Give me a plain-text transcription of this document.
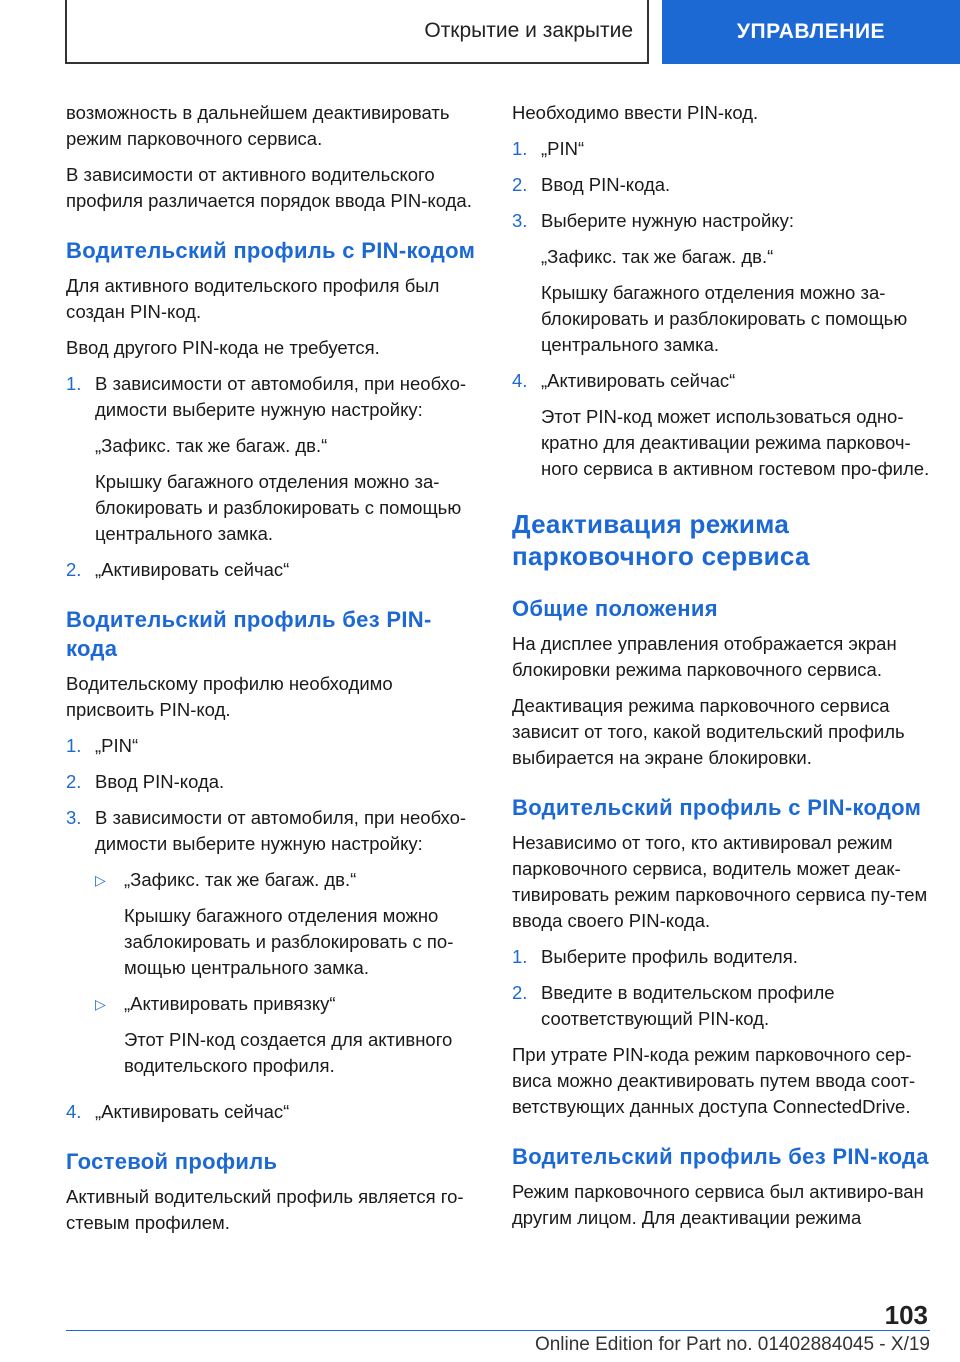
Открытие и закрытие	УПРАВЛЕНИЕ

возможность в дальнейшем деактивировать режим парковочного сервиса.

В зависимости от активного водительского профиля различается порядок ввода PIN-кода.

Водительский профиль с PIN-кодом

Для активного водительского профиля был создан PIN-код.

Ввод другого PIN-кода не требуется.

1. В зависимости от автомобиля, при необхо-димости выберите нужную настройку:

„Зафикс. так же багаж. дв.“

Крышку багажного отделения можно за-блокировать и разблокировать с помощью центрального замка.

2. „Активировать сейчас“

Водительский профиль без PIN-кода

Водительскому профилю необходимо присвоить PIN-код.

1. „PIN“

2. Ввод PIN-кода.

3. В зависимости от автомобиля, при необхо-димости выберите нужную настройку:

▷ „Зафикс. так же багаж. дв.“

Крышку багажного отделения можно заблокировать и разблокировать с по-мощью центрального замка.

▷ „Активировать привязку“

Этот PIN-код создается для активного водительского профиля.

4. „Активировать сейчас“

Гостевой профиль

Активный водительский профиль является го-стевым профилем.

Необходимо ввести PIN-код.

1. „PIN“

2. Ввод PIN-кода.

3. Выберите нужную настройку:

„Зафикс. так же багаж. дв.“

Крышку багажного отделения можно за-блокировать и разблокировать с помощью центрального замка.

4. „Активировать сейчас“

Этот PIN-код может использоваться одно-кратно для деактивации режима парковоч-ного сервиса в активном гостевом про-филе.

Деактивация режима парковочного сервиса
Общие положения

На дисплее управления отображается экран блокировки режима парковочного сервиса.

Деактивация режима парковочного сервиса зависит от того, какой водительский профиль выбирается на экране блокировки.

Водительский профиль с PIN-кодом

Независимо от того, кто активировал режим парковочного сервиса, водитель может деак-тивировать режим парковочного сервиса пу-тем ввода своего PIN-кода.

1. Выберите профиль водителя.

2. Введите в водительском профиле соответствующий PIN-код.

При утрате PIN-кода режим парковочного сер-виса можно деактивировать путем ввода соот-ветствующих данных доступа ConnectedDrive.

Водительский профиль без PIN-кода

Режим парковочного сервиса был активиро-ван другим лицом. Для деактивации режима

103
Online Edition for Part no. 01402884045 - X/19
